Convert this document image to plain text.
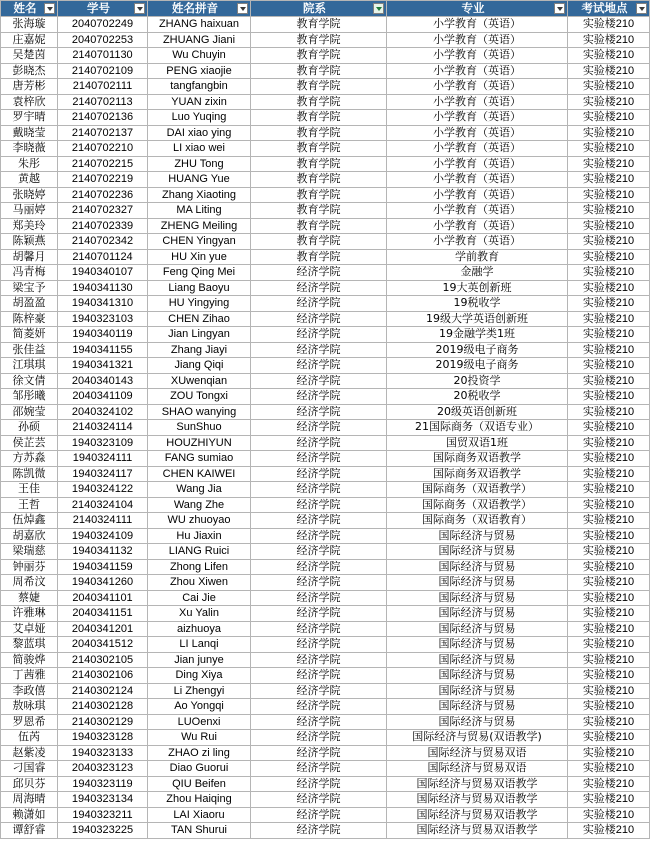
姓名	学号	姓名拼音	院系	专业	考试地点

张海璇	2040702249	ZHANG haixuan	教育学院	小学教育（英语）	实验楼210
庄嘉妮	2040702253	ZHUANG Jiani	教育学院	小学教育（英语）	实验楼210
吴楚茵	2140701130	Wu Chuyin	教育学院	小学教育（英语）	实验楼210
彭晓杰	2140702109	PENG xiaojie	教育学院	小学教育（英语）	实验楼210
唐芳彬	2140702111	tangfangbin	教育学院	小学教育（英语）	实验楼210
袁梓欣	2140702113	YUAN zixin	教育学院	小学教育（英语）	实验楼210
罗宇晴	2140702136	Luo Yuqing	教育学院	小学教育（英语）	实验楼210
戴晓莹	2140702137	DAI xiao ying	教育学院	小学教育（英语）	实验楼210
李晓薇	2140702210	LI xiao wei	教育学院	小学教育（英语）	实验楼210
朱彤	2140702215	ZHU Tong	教育学院	小学教育（英语）	实验楼210
黄越	2140702219	HUANG Yue	教育学院	小学教育（英语）	实验楼210
张晓婷	2140702236	Zhang Xiaoting	教育学院	小学教育（英语）	实验楼210
马丽婷	2140702327	MA Liting	教育学院	小学教育（英语）	实验楼210
郑美玲	2140702339	ZHENG Meiling	教育学院	小学教育（英语）	实验楼210
陈颖燕	2140702342	CHEN Yingyan	教育学院	小学教育（英语）	实验楼210
胡馨月	2140701124	HU Xin yue	教育学院	学前教育	实验楼210
冯青梅	1940340107	Feng Qing Mei	经济学院	金融学	实验楼210
梁宝予	1940341130	Liang Baoyu	经济学院	19大英创新班	实验楼210
胡盈盈	1940341310	HU Yingying	经济学院	19税收学	实验楼210
陈梓豪	1940323103	CHEN Zihao	经济学院	19级大学英语创新班	实验楼210
简菱妍	1940340119	Jian Lingyan	经济学院	19金融学类1班	实验楼210
张佳益	1940341155	Zhang Jiayi	经济学院	2019级电子商务	实验楼210
江琪琪	1940341321	Jiang Qiqi	经济学院	2019级电子商务	实验楼210
徐文倩	2040340143	XUwenqian	经济学院	20投资学	实验楼210
邹彤曦	2040341109	ZOU Tongxi	经济学院	20税收学	实验楼210
邵婉莹	2040324102	SHAO wanying	经济学院	20级英语创新班	实验楼210
孙硕	2140324114	SunShuo	经济学院	21国际商务（双语专业）	实验楼210
侯芷芸	1940323109	HOUZHIYUN	经济学院	国贸双语1班	实验楼210
方苏淼	1940324111	FANG sumiao	经济学院	国际商务双语教学	实验楼210
陈凯微	1940324117	CHEN KAIWEI	经济学院	国际商务双语教学	实验楼210
王佳	1940324122	Wang Jia	经济学院	国际商务（双语教学）	实验楼210
王哲	2140324104	Wang Zhe	经济学院	国际商务（双语教学）	实验楼210
伍焯鑫	2140324111	WU zhuoyao	经济学院	国际商务（双语教育）	实验楼210
胡嘉欣	1940324109	Hu Jiaxin	经济学院	国际经济与贸易	实验楼210
梁瑞慈	1940341132	LIANG Ruici	经济学院	国际经济与贸易	实验楼210
钟丽芬	1940341159	Zhong Lifen	经济学院	国际经济与贸易	实验楼210
周希汶	1940341260	Zhou Xiwen	经济学院	国际经济与贸易	实验楼210
蔡婕	2040341101	Cai Jie	经济学院	国际经济与贸易	实验楼210
许雅琳	2040341151	Xu Yalin	经济学院	国际经济与贸易	实验楼210
艾卓娅	2040341201	aizhuoya	经济学院	国际经济与贸易	实验楼210
黎蓝琪	2040341512	LI Lanqi	经济学院	国际经济与贸易	实验楼210
简骏烨	2140302105	Jian junye	经济学院	国际经济与贸易	实验楼210
丁茜雅	2140302106	Ding Xiya	经济学院	国际经济与贸易	实验楼210
李政僖	2140302124	Li Zhengyi	经济学院	国际经济与贸易	实验楼210
敖咏琪	2140302128	Ao Yongqi	经济学院	国际经济与贸易	实验楼210
罗恩希	2140302129	LUOenxi	经济学院	国际经济与贸易	实验楼210
伍芮	1940323128	Wu Rui	经济学院	国际经济与贸易(双语教学)	实验楼210
赵紫凌	1940323133	ZHAO zi ling	经济学院	国际经济与贸易双语	实验楼210
刁国睿	2040323123	Diao Guorui	经济学院	国际经济与贸易双语	实验楼210
邱贝芬	1940323119	QIU Beifen	经济学院	国际经济与贸易双语教学	实验楼210
周海晴	1940323134	Zhou Haiqing	经济学院	国际经济与贸易双语教学	实验楼210
赖潇如	1940323211	LAI Xiaoru	经济学院	国际经济与贸易双语教学	实验楼210
谭舒睿	1940323225	TAN Shurui	经济学院	国际经济与贸易双语教学	实验楼210
